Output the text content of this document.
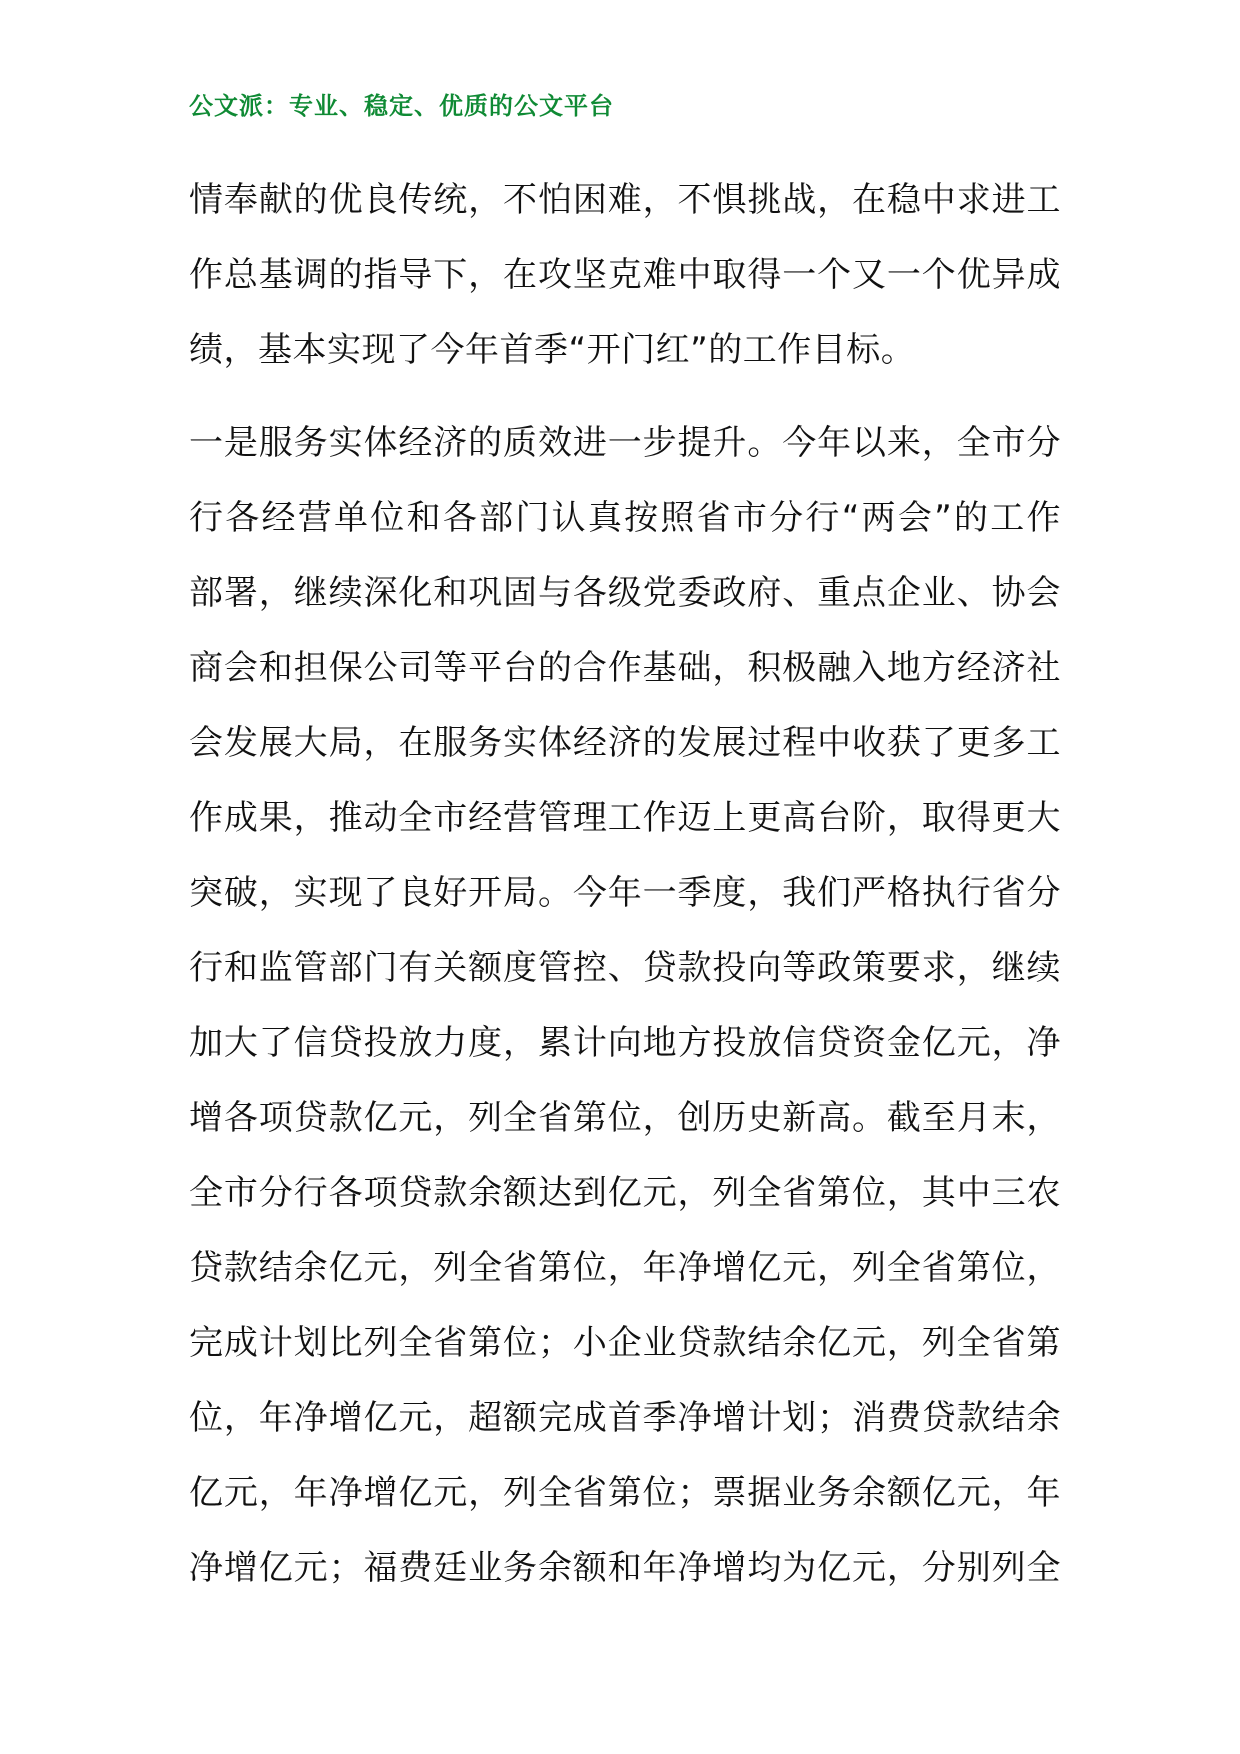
公文派：专业、稳定、优质的公文平台
情奉献的优良传统，不怕困难，不惧挑战，在稳中求进工
作总基调的指导下，在攻坚克难中取得一个又一个优异成
绩，基本实现了今年首季“开门红”的工作目标。
一是服务实体经济的质效进一步提升。今年以来，全市分
行各经营单位和各部门认真按照省市分行“两会”的工作
部署，继续深化和巩固与各级党委政府、重点企业、协会
商会和担保公司等平台的合作基础，积极融入地方经济社
会发展大局，在服务实体经济的发展过程中收获了更多工
作成果，推动全市经营管理工作迈上更高台阶，取得更大
突破，实现了良好开局。今年一季度，我们严格执行省分
行和监管部门有关额度管控、贷款投向等政策要求，继续
加大了信贷投放力度，累计向地方投放信贷资金亿元，净
增各项贷款亿元，列全省第位，创历史新高。截至月末，
全市分行各项贷款余额达到亿元，列全省第位，其中三农
贷款结余亿元，列全省第位，年净增亿元，列全省第位，
完成计划比列全省第位；小企业贷款结余亿元，列全省第
位，年净增亿元，超额完成首季净增计划；消费贷款结余
亿元，年净增亿元，列全省第位；票据业务余额亿元，年
净增亿元；福费廷业务余额和年净增均为亿元，分别列全
